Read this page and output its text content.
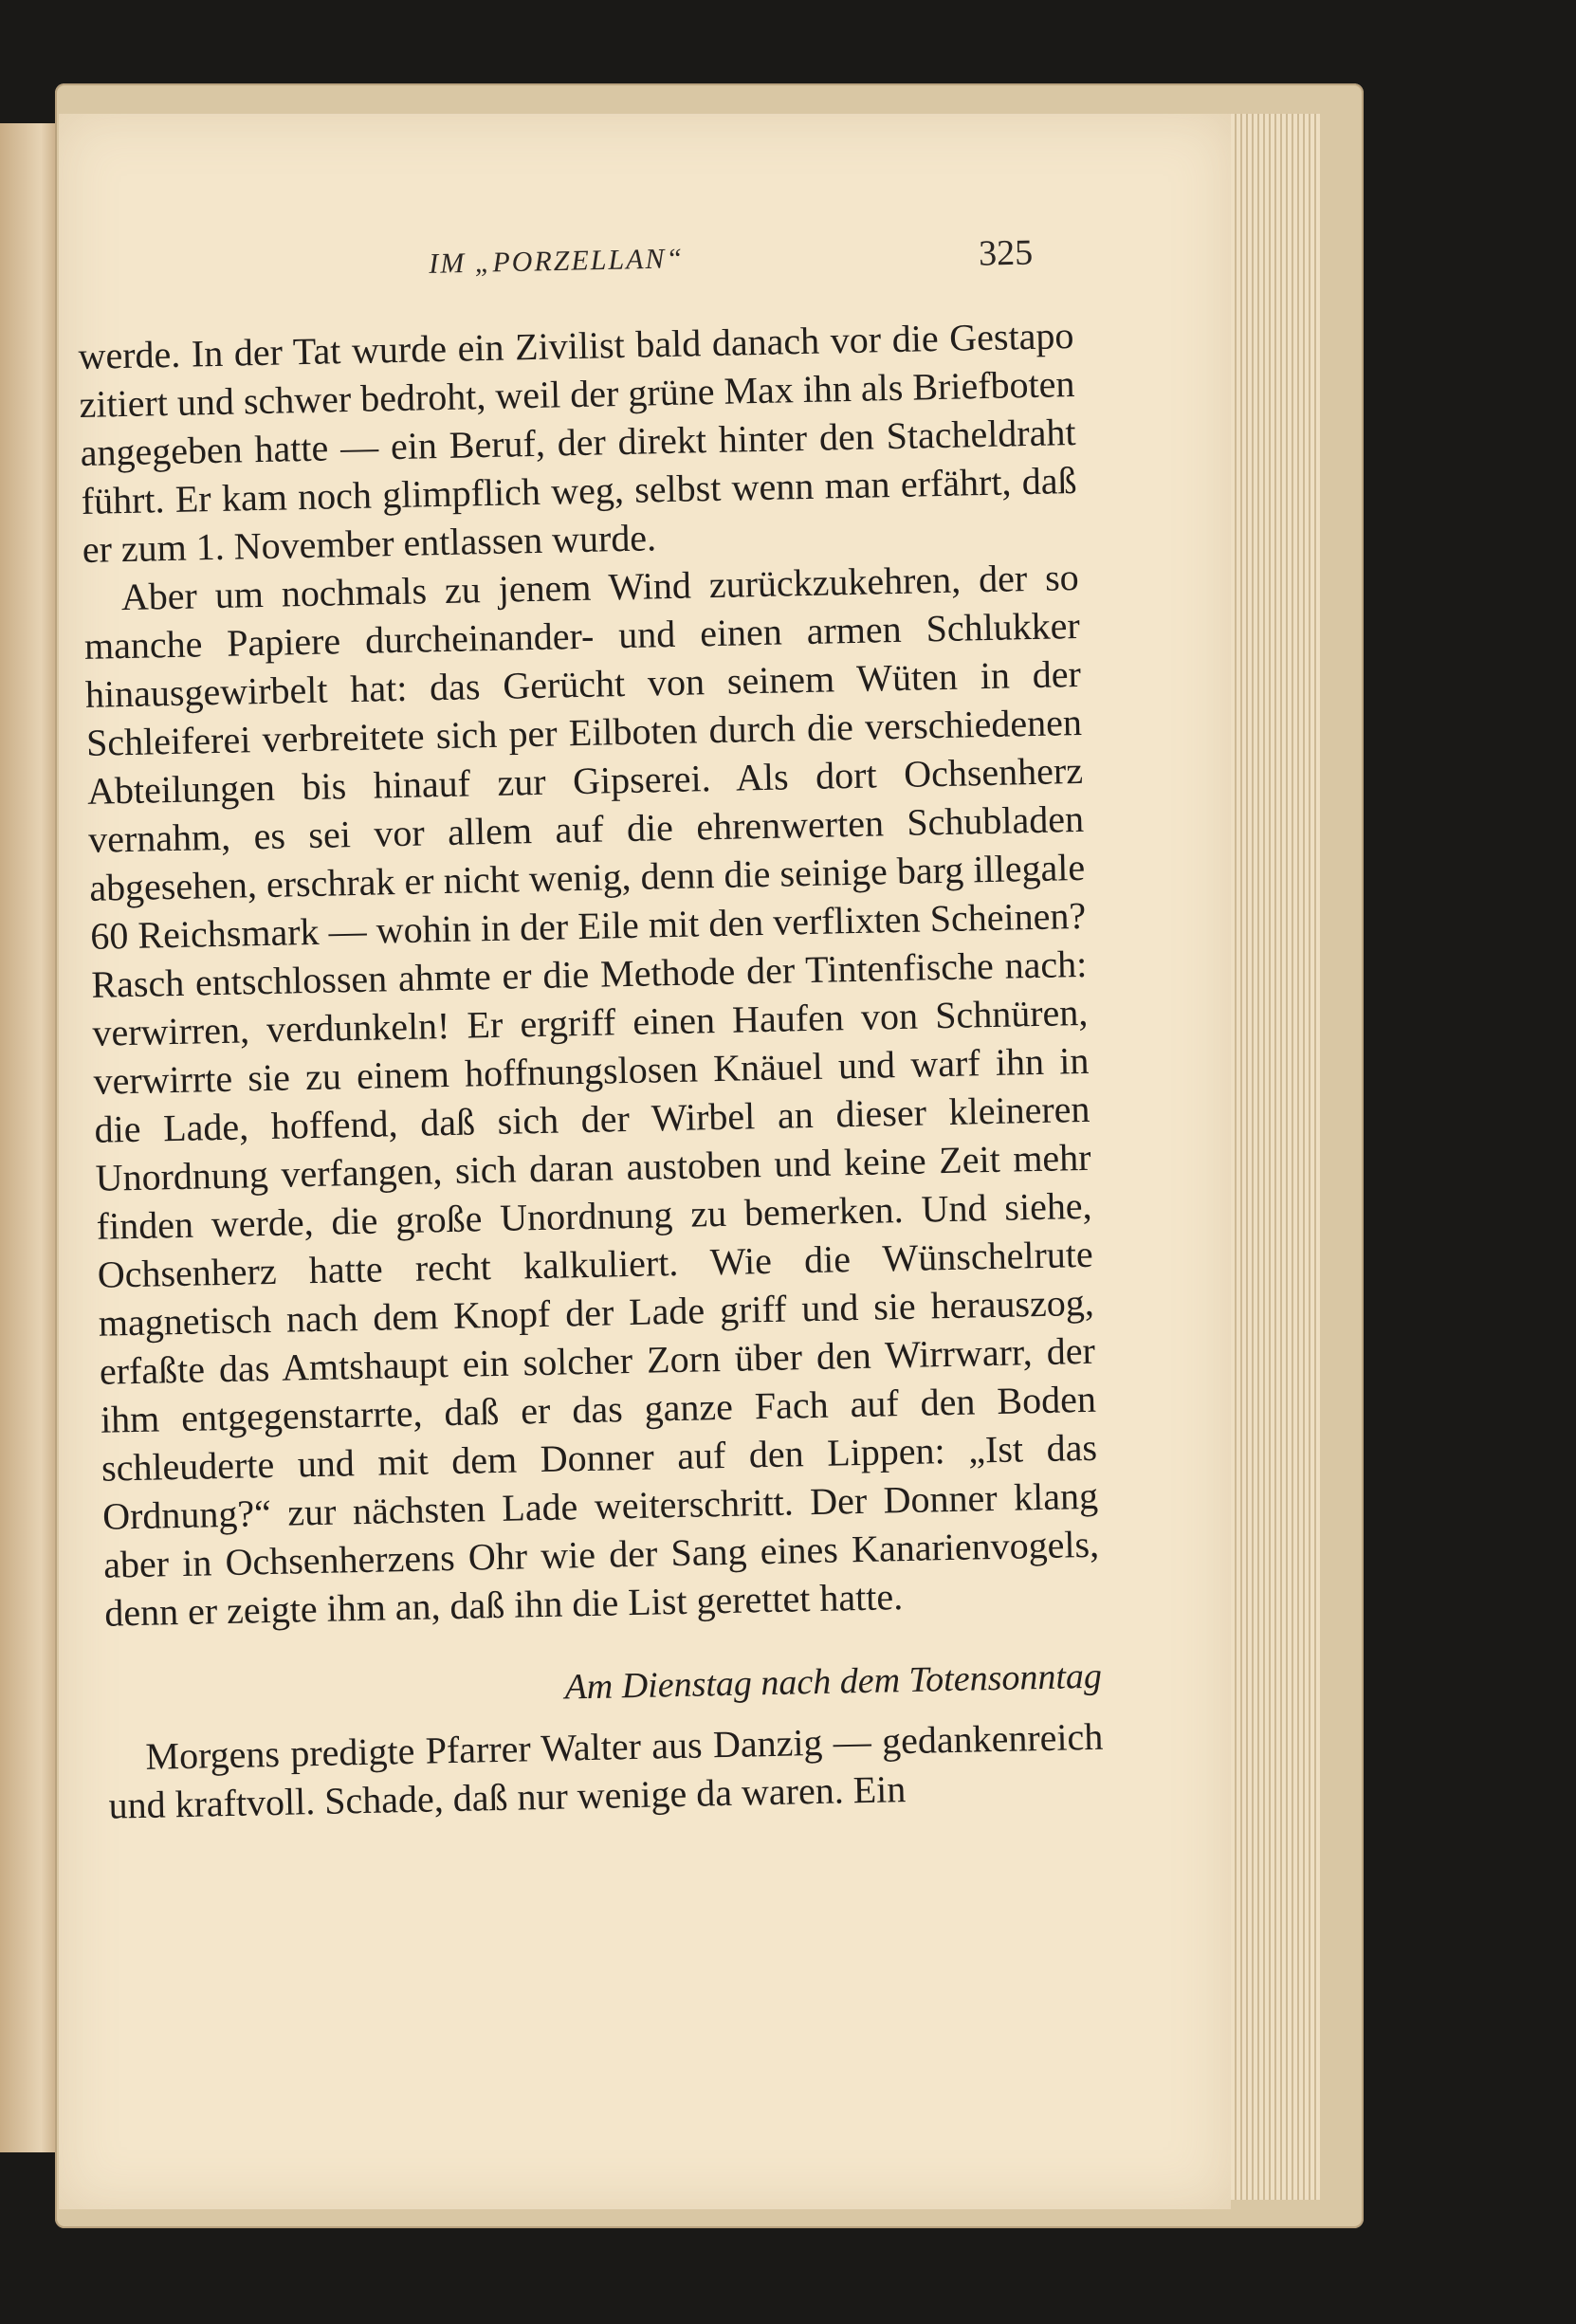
IM „PORZELLAN“	325

werde. In der Tat wurde ein Zivilist bald danach vor die Gestapo zitiert und schwer bedroht, weil der grüne Max ihn als Briefboten angegeben hatte — ein Beruf, der direkt hinter den Stacheldraht führt. Er kam noch glimpflich weg, selbst wenn man erfährt, daß er zum 1. November entlassen wurde.

Aber um nochmals zu jenem Wind zurückzukehren, der so manche Papiere durcheinander- und einen armen Schlukker hinausgewirbelt hat: das Gerücht von seinem Wüten in der Schleiferei verbreitete sich per Eilboten durch die verschiedenen Abteilungen bis hinauf zur Gipserei. Als dort Ochsenherz vernahm, es sei vor allem auf die ehrenwerten Schubladen abgesehen, erschrak er nicht wenig, denn die seinige barg illegale 60 Reichsmark — wohin in der Eile mit den verflixten Scheinen? Rasch entschlossen ahmte er die Methode der Tintenfische nach: verwirren, verdunkeln! Er ergriff einen Haufen von Schnüren, verwirrte sie zu einem hoffnungslosen Knäuel und warf ihn in die Lade, hoffend, daß sich der Wirbel an dieser kleineren Unordnung verfangen, sich daran austoben und keine Zeit mehr finden werde, die große Unordnung zu bemerken. Und siehe, Ochsenherz hatte recht kalkuliert. Wie die Wünschelrute magnetisch nach dem Knopf der Lade griff und sie herauszog, erfaßte das Amtshaupt ein solcher Zorn über den Wirrwarr, der ihm entgegenstarrte, daß er das ganze Fach auf den Boden schleuderte und mit dem Donner auf den Lippen: „Ist das Ordnung?“ zur nächsten Lade weiterschritt. Der Donner klang aber in Ochsenherzens Ohr wie der Sang eines Kanarienvogels, denn er zeigte ihm an, daß ihn die List gerettet hatte.

Am Dienstag nach dem Totensonntag

Morgens predigte Pfarrer Walter aus Danzig — gedankenreich und kraftvoll. Schade, daß nur wenige da waren. Ein
